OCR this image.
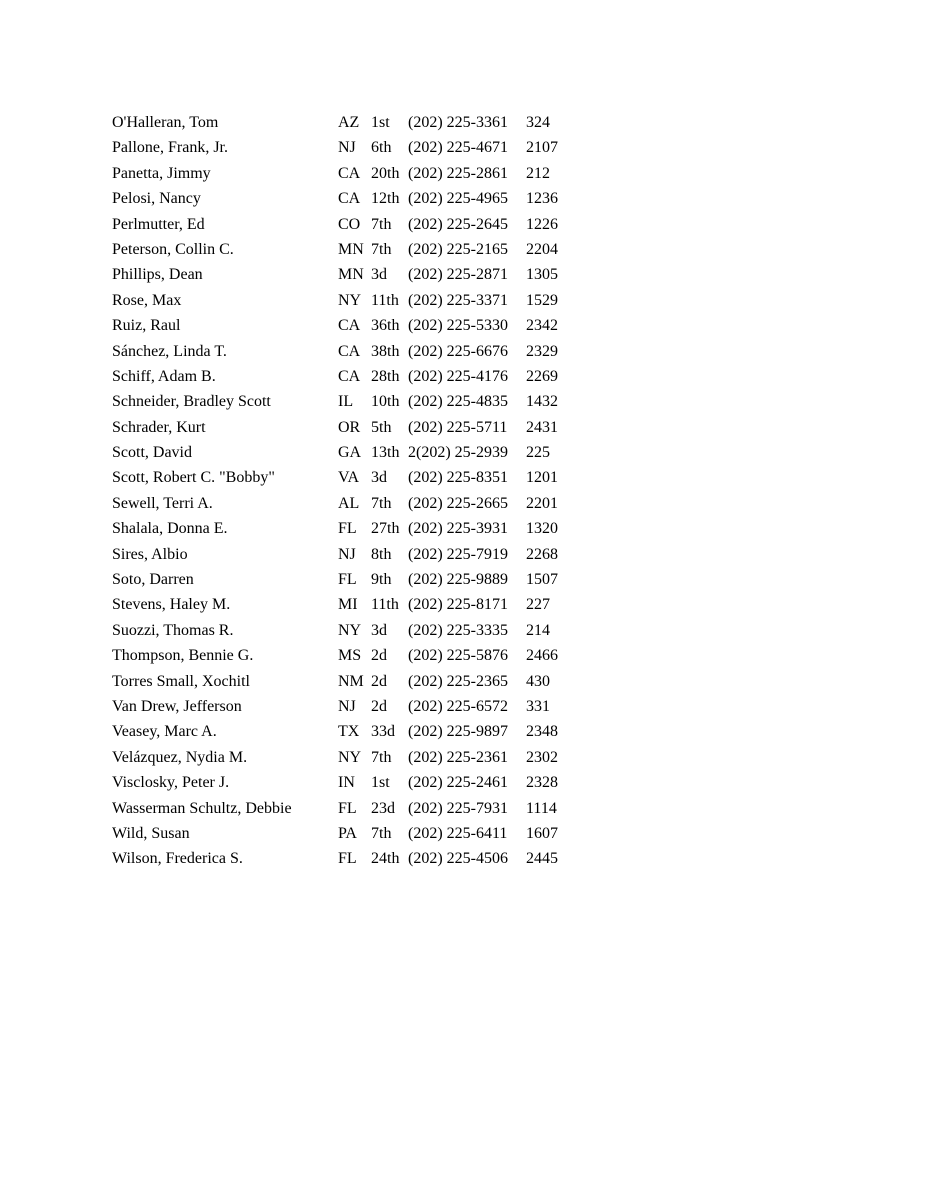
O'Halleran, Tom	AZ 1st (202) 225-3361 324
Pallone, Frank, Jr.	NJ 6th (202) 225-4671 2107
Panetta, Jimmy	CA 20th (202) 225-2861 212
Pelosi, Nancy	CA 12th (202) 225-4965 1236
Perlmutter, Ed	CO 7th (202) 225-2645 1226
Peterson, Collin C.	MN 7th (202) 225-2165 2204
Phillips, Dean	MN 3d (202) 225-2871 1305
Rose, Max	NY 11th (202) 225-3371 1529
Ruiz, Raul	CA 36th (202) 225-5330 2342
Sánchez, Linda T.	CA 38th (202) 225-6676 2329
Schiff, Adam B.	CA 28th (202) 225-4176 2269
Schneider, Bradley Scott	IL 10th (202) 225-4835 1432
Schrader, Kurt	OR 5th (202) 225-5711 2431
Scott, David	GA 13th 2(202) 25-2939 225
Scott, Robert C. "Bobby"	VA 3d (202) 225-8351 1201
Sewell, Terri A.	AL 7th (202) 225-2665 2201
Shalala, Donna E.	FL 27th (202) 225-3931 1320
Sires, Albio	NJ 8th (202) 225-7919 2268
Soto, Darren	FL 9th (202) 225-9889 1507
Stevens, Haley M.	MI 11th (202) 225-8171 227
Suozzi, Thomas R.	NY 3d (202) 225-3335 214
Thompson, Bennie G.	MS 2d (202) 225-5876 2466
Torres Small, Xochitl	NM 2d (202) 225-2365 430
Van Drew, Jefferson	NJ 2d (202) 225-6572 331
Veasey, Marc A.	TX 33d (202) 225-9897 2348
Velázquez, Nydia M.	NY 7th (202) 225-2361 2302
Visclosky, Peter J.	IN 1st (202) 225-2461 2328
Wasserman Schultz, Debbie	FL 23d (202) 225-7931 1114
Wild, Susan	PA 7th (202) 225-6411 1607
Wilson, Frederica S.	FL 24th (202) 225-4506 2445
